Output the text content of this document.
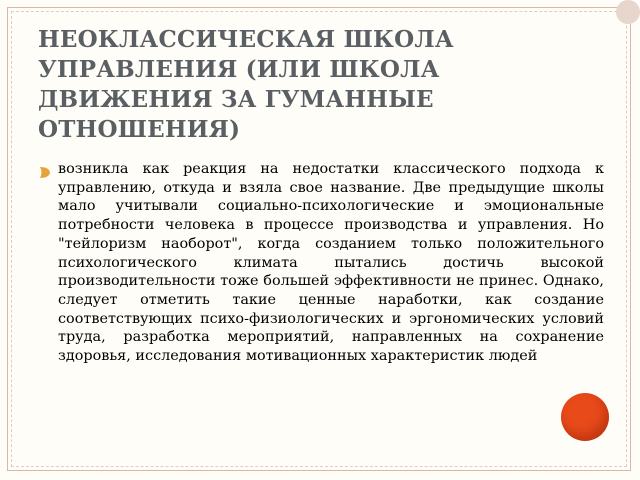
НЕОКЛАССИЧЕСКАЯ ШКОЛА УПРАВЛЕНИЯ (ИЛИ ШКОЛА ДВИЖЕНИЯ ЗА ГУМАННЫЕ ОТНОШЕНИЯ)

возникла как реакция на недостатки классического подхода к управлению, откуда и взяла свое название. Две предыдущие школы мало учитывали социально-психологические и эмоциональные потребности человека в процессе производства и управления. Но "тейлоризм наоборот", когда созданием только положительного психологического климата пытались достичь высокой производительности тоже большей эффективности не принес. Однако, следует отметить такие ценные наработки, как создание соответствующих психо-физиологических и эргономических условий труда, разработка мероприятий, направленных на сохранение здоровья, исследования мотивационных характеристик людей
